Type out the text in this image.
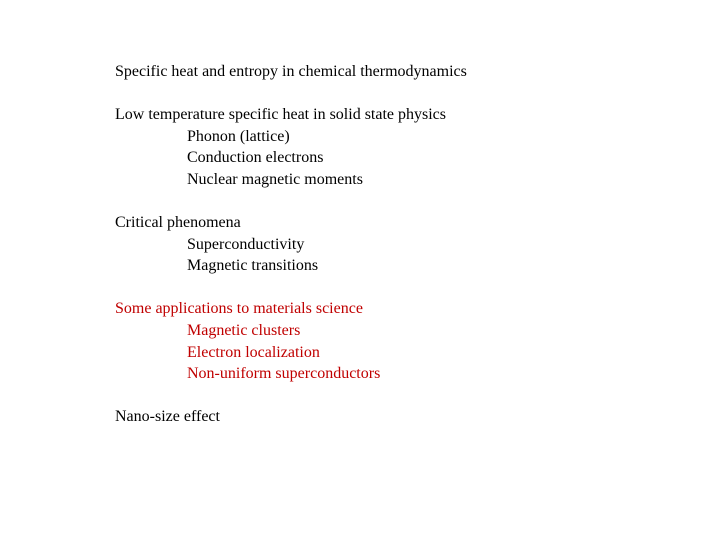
Specific heat and entropy in chemical thermodynamics
Low temperature specific heat in solid state physics
Phonon (lattice)
Conduction electrons
Nuclear magnetic moments
Critical phenomena
Superconductivity
Magnetic transitions
Some applications to materials science
Magnetic clusters
Electron localization
Non-uniform superconductors
Nano-size effect
